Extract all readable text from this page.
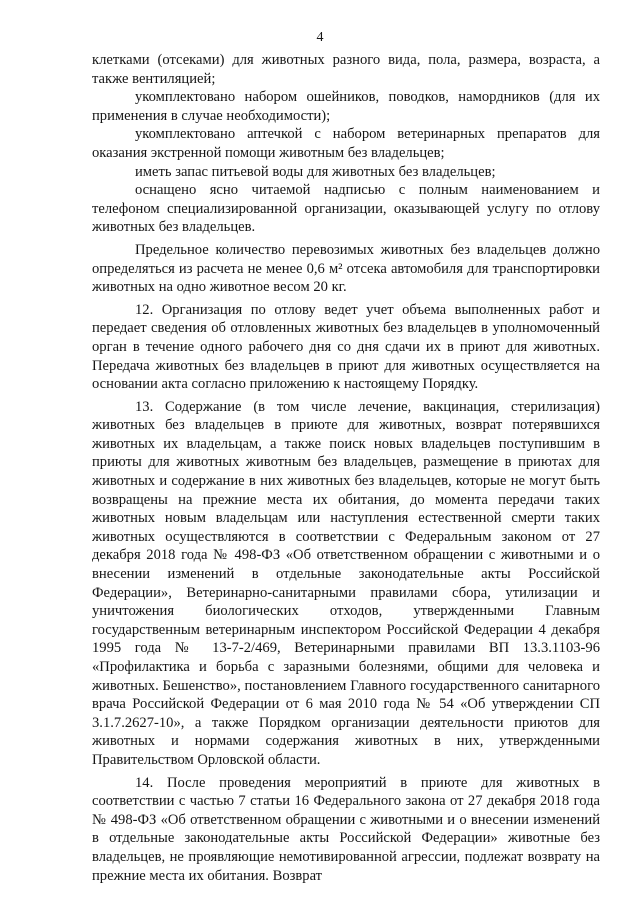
4

клетками (отсеками) для животных разного вида, пола, размера, возраста, а также вентиляцией;

укомплектовано набором ошейников, поводков, намордников (для их применения в случае необходимости);

укомплектовано аптечкой с набором ветеринарных препаратов для оказания экстренной помощи животным без владельцев;

иметь запас питьевой воды для животных без владельцев;

оснащено ясно читаемой надписью с полным наименованием и телефоном специализированной организации, оказывающей услугу по отлову животных без владельцев.

Предельное количество перевозимых животных без владельцев должно определяться из расчета не менее 0,6 м² отсека автомобиля для транспортировки животных на одно животное весом 20 кг.

12. Организация по отлову ведет учет объема выполненных работ и передает сведения об отловленных животных без владельцев в уполномоченный орган в течение одного рабочего дня со дня сдачи их в приют для животных. Передача животных без владельцев в приют для животных осуществляется на основании акта согласно приложению к настоящему Порядку.

13. Содержание (в том числе лечение, вакцинация, стерилизация) животных без владельцев в приюте для животных, возврат потерявшихся животных их владельцам, а также поиск новых владельцев поступившим в приюты для животных животным без владельцев, размещение в приютах для животных и содержание в них животных без владельцев, которые не могут быть возвращены на прежние места их обитания, до момента передачи таких животных новым владельцам или наступления естественной смерти таких животных осуществляются в соответствии с Федеральным законом от 27 декабря 2018 года № 498-ФЗ «Об ответственном обращении с животными и о внесении изменений в отдельные законодательные акты Российской Федерации», Ветеринарно-санитарными правилами сбора, утилизации и уничтожения биологических отходов, утвержденными Главным государственным ветеринарным инспектором Российской Федерации 4 декабря 1995 года № 13-7-2/469, Ветеринарными правилами ВП 13.3.1103-96 «Профилактика и борьба с заразными болезнями, общими для человека и животных. Бешенство», постановлением Главного государственного санитарного врача Российской Федерации от 6 мая 2010 года № 54 «Об утверждении СП 3.1.7.2627-10», а также Порядком организации деятельности приютов для животных и нормами содержания животных в них, утвержденными Правительством Орловской области.

14. После проведения мероприятий в приюте для животных в соответствии с частью 7 статьи 16 Федерального закона от 27 декабря 2018 года № 498-ФЗ «Об ответственном обращении с животными и о внесении изменений в отдельные законодательные акты Российской Федерации» животные без владельцев, не проявляющие немотивированной агрессии, подлежат возврату на прежние места их обитания. Возврат
